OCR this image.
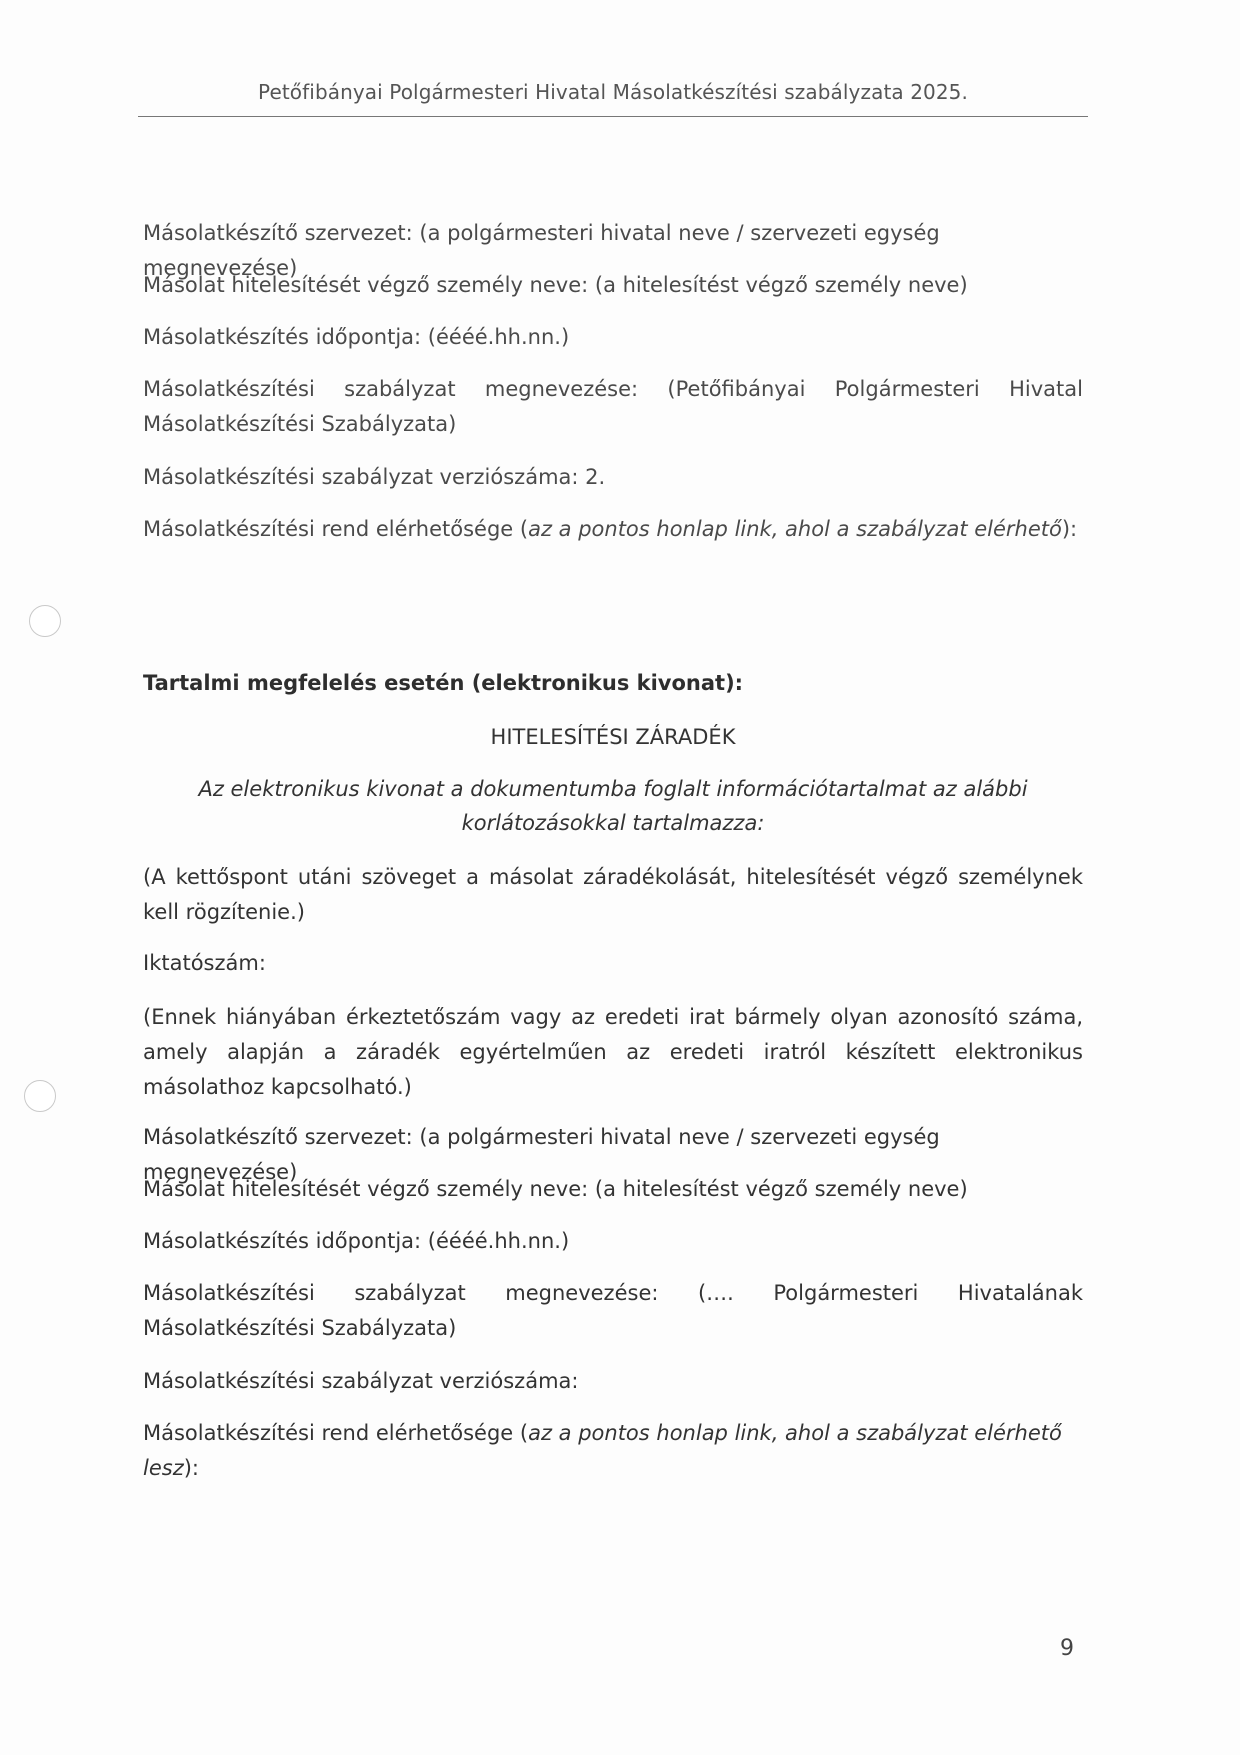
Petőfibányai Polgármesteri Hivatal Másolatkészítési szabályzata 2025.
Másolatkészítő szervezet: (a polgármesteri hivatal neve / szervezeti egység megnevezése)
Másolat hitelesítését végző személy neve: (a hitelesítést végző személy neve)
Másolatkészítés időpontja: (éééé.hh.nn.)
Másolatkészítési szabályzat megnevezése: (Petőfibányai Polgármesteri Hivatal Másolatkészítési Szabályzata)
Másolatkészítési szabályzat verziószáma: 2.
Másolatkészítési rend elérhetősége (az a pontos honlap link, ahol a szabályzat elérhető):
Tartalmi megfelelés esetén (elektronikus kivonat):
HITELESÍTÉSI ZÁRADÉK
Az elektronikus kivonat a dokumentumba foglalt információtartalmat az alábbi
korlátozásokkal tartalmazza:
(A kettőspont utáni szöveget a másolat záradékolását, hitelesítését végző személynek kell rögzítenie.)
Iktatószám:
(Ennek hiányában érkeztetőszám vagy az eredeti irat bármely olyan azonosító száma, amely alapján a záradék egyértelműen az eredeti iratról készített elektronikus másolathoz kapcsolható.)
Másolatkészítő szervezet: (a polgármesteri hivatal neve / szervezeti egység megnevezése)
Másolat hitelesítését végző személy neve: (a hitelesítést végző személy neve)
Másolatkészítés időpontja: (éééé.hh.nn.)
Másolatkészítési szabályzat megnevezése: (…. Polgármesteri Hivatalának Másolatkészítési Szabályzata)
Másolatkészítési szabályzat verziószáma:
Másolatkészítési rend elérhetősége (az a pontos honlap link, ahol a szabályzat elérhető lesz):
9
